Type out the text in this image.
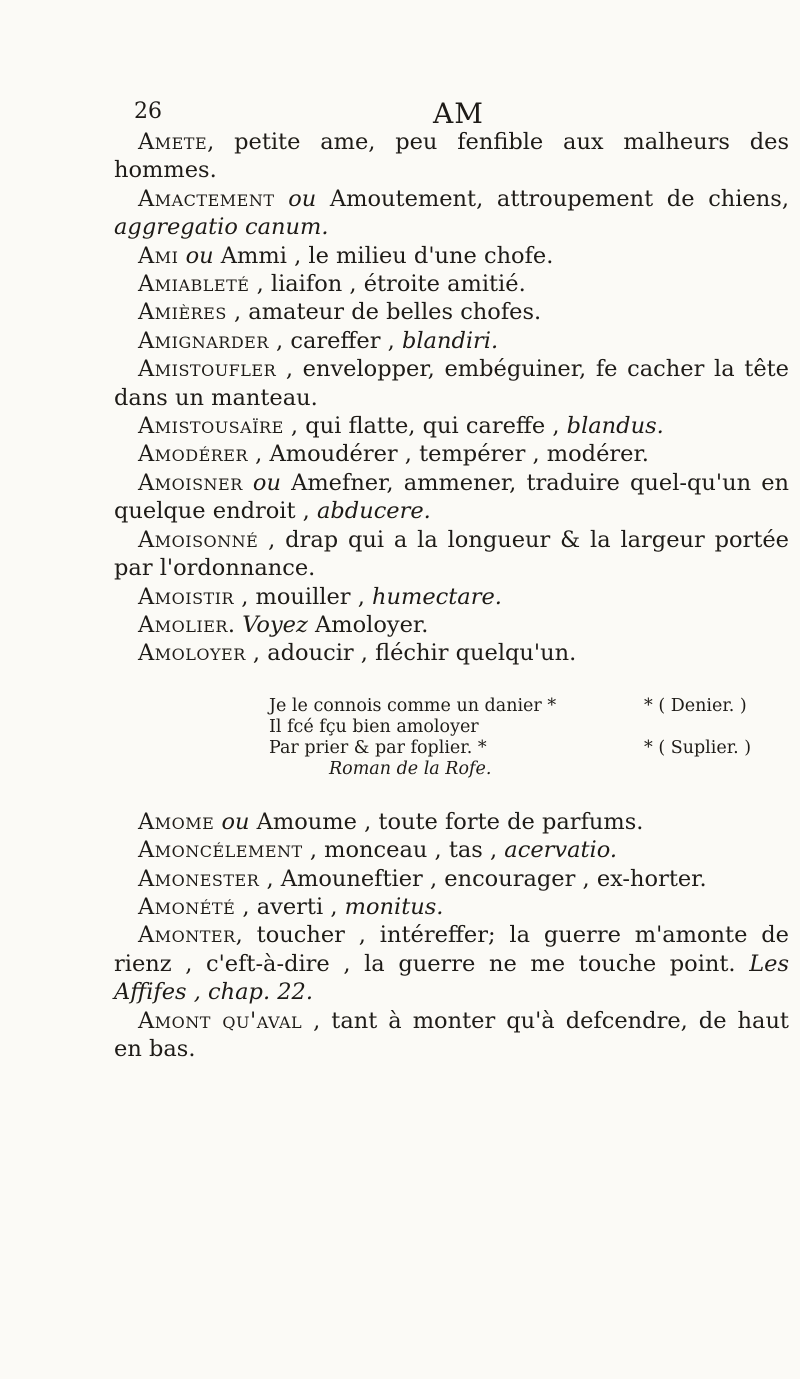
26	AM

Amete, petite ame, peu fenfible aux malheurs des hommes.

Amactement ou Amoutement, attroupement de chiens, aggregatio canum.

Ami ou Ammi , le milieu d'une chofe.

Amiableté , liaifon , étroite amitié.

Amières , amateur de belles chofes.

Amignarder , careffer , blandiri.

Amistoufler , envelopper, embéguiner, fe cacher la tête dans un manteau.

Amistousaïre , qui flatte, qui careffe , blandus.

Amodérer , Amoudérer , tempérer , modérer.

Amoisner ou Amefner, ammener, traduire quel-qu'un en quelque endroit , abducere.

Amoisonné , drap qui a la longueur & la largeur portée par l'ordonnance.

Amoistir , mouiller , humectare.

Amolier. Voyez Amoloyer.

Amoloyer , adoucir , fléchir quelqu'un.

Je le connois comme un danier *	* ( Denier. )
Il fcé fçu bien amoloyer
Par prier & par foplier. *	* ( Suplier. )
Roman de la Rofe.

Amome ou Amoume , toute forte de parfums.

Amoncélement , monceau , tas , acervatio.

Amonester , Amouneftier , encourager , ex-horter.

Amonété , averti , monitus.

Amonter, toucher , intéreffer; la guerre m'amonte de rienz , c'eft-à-dire , la guerre ne me touche point. Les Affifes , chap. 22.

Amont qu'aval , tant à monter qu'à defcendre, de haut en bas.
